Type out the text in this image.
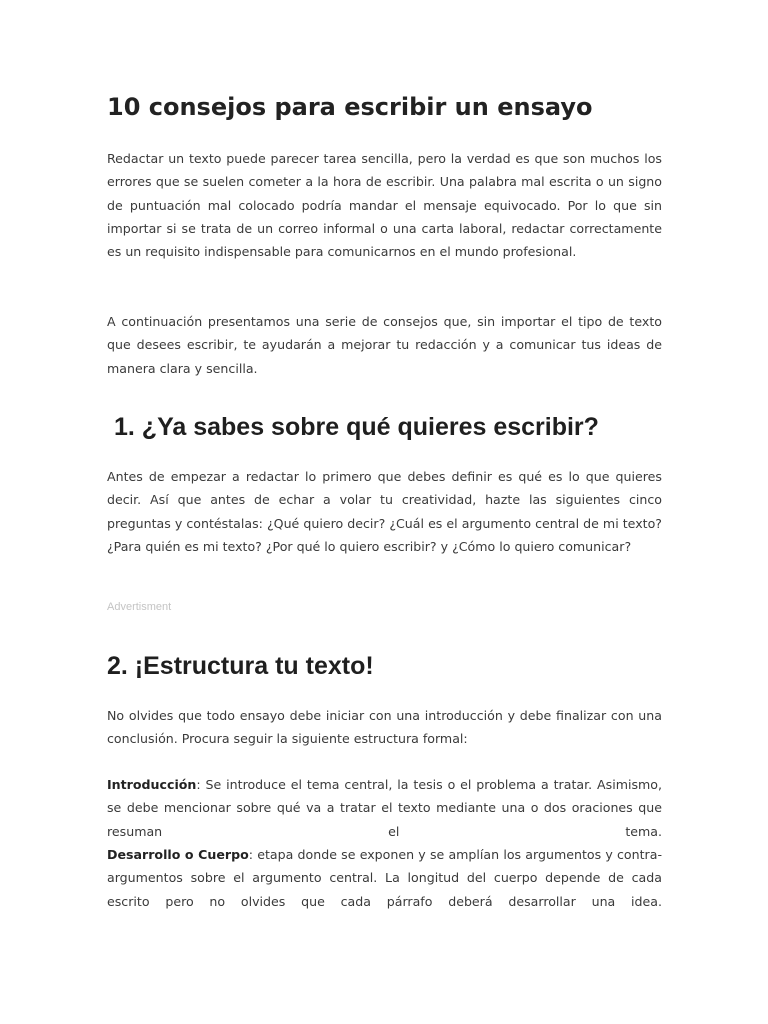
10 consejos para escribir un ensayo

Redactar un texto puede parecer tarea sencilla, pero la verdad es que son muchos los errores que se suelen cometer a la hora de escribir. Una palabra mal escrita o un signo de puntuación mal colocado podría mandar el mensaje equivocado. Por lo que sin importar si se trata de un correo informal o una carta laboral, redactar correctamente es un requisito indispensable para comunicarnos en el mundo profesional.

A continuación presentamos una serie de consejos que, sin importar el tipo de texto que desees escribir, te ayudarán a mejorar tu redacción y a comunicar tus ideas de manera clara y sencilla.

1. ¿Ya sabes sobre qué quieres escribir?

Antes de empezar a redactar lo primero que debes definir es qué es lo que quieres decir. Así que antes de echar a volar tu creatividad, hazte las siguientes cinco preguntas y contéstalas: ¿Qué quiero decir? ¿Cuál es el argumento central de mi texto? ¿Para quién es mi texto? ¿Por qué lo quiero escribir? y ¿Cómo lo quiero comunicar?

Advertisment
2. ¡Estructura tu texto!

No olvides que todo ensayo debe iniciar con una introducción y debe finalizar con una conclusión. Procura seguir la siguiente estructura formal:

Introducción: Se introduce el tema central, la tesis o el problema a tratar. Asimismo, se debe mencionar sobre qué va a tratar el texto mediante una o dos oraciones que resuman el tema.

Desarrollo o Cuerpo: etapa donde se exponen y se amplían los argumentos y contra-argumentos sobre el argumento central. La longitud del cuerpo depende de cada escrito pero no olvides que cada párrafo deberá desarrollar una idea.
